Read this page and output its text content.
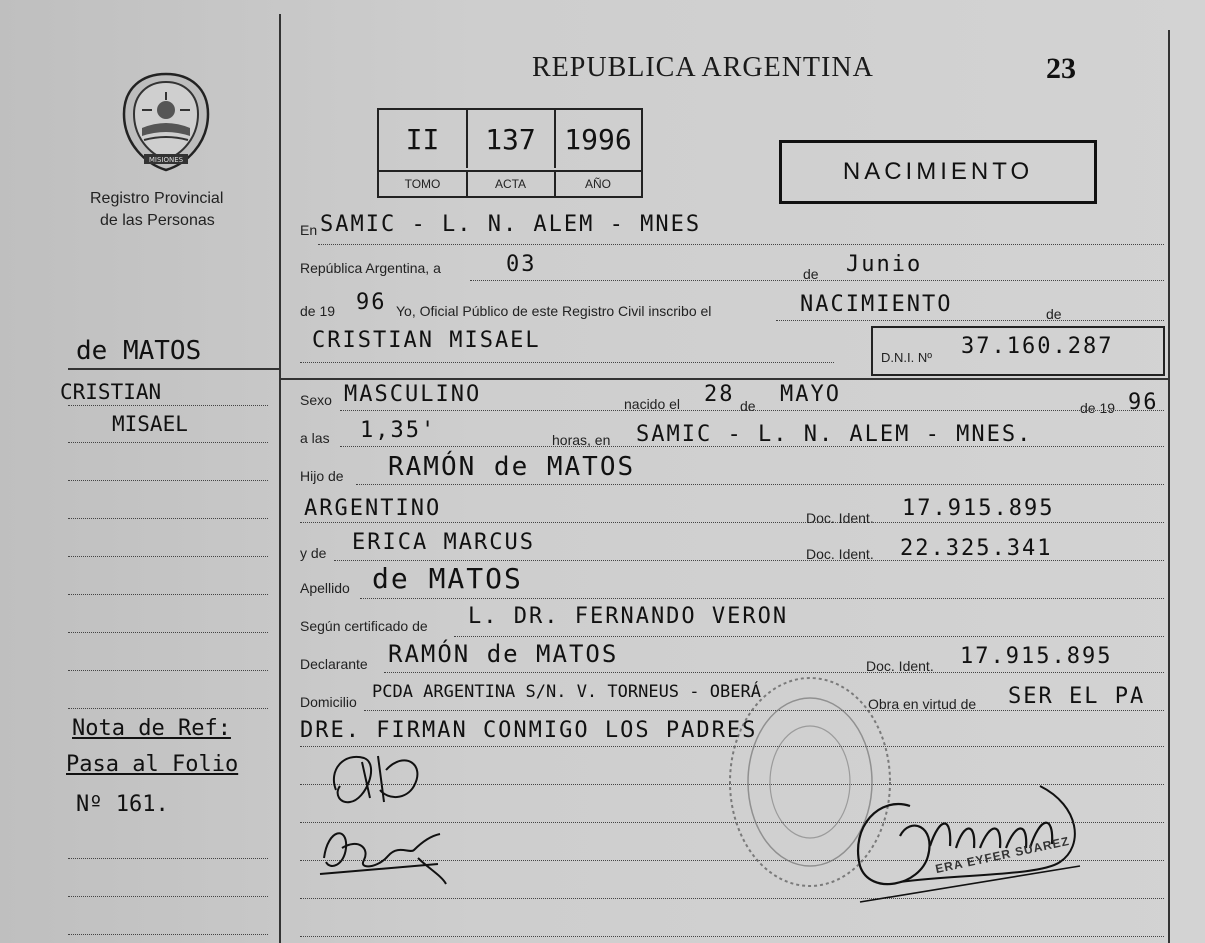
MISIONES
Registro Provincial
de las Personas
REPUBLICA ARGENTINA	23
II	137	1996
TOMO	ACTA	AÑO	NACIMIENTO
de MATOS
CRISTIAN
MISAEL
Nota de Ref:
Pasa al Folio
Nº 161.
En SAMIC - L. N. ALEM - MNES
República Argentina, a	03	de Junio
de 19 96 Yo, Oficial Público de este Registro Civil inscribo el	NACIMIENTO	de
CRISTIAN MISAEL
D.N.I. Nº 37.160.287
Sexo MASCULINO	nacido el 28 de MAYO
de 19 96
a las 1,35'	horas, en SAMIC - L. N. ALEM - MNES.
Hijo de RAMÓN de MATOS
ARGENTINO	Doc. Ident. 17.915.895
y de ERICA MARCUS	Doc. Ident. 22.325.341
Apellido de MATOS
Según certificado de L. DR. FERNANDO VERON
Declarante RAMÓN de MATOS	Doc. Ident. 17.915.895
Domicilio PCDA ARGENTINA S/N. V. TORNEUS - OBERÁ
Obra en virtud de SER EL PA
DRE. FIRMAN CONMIGO LOS PADRES
ERA EYFER SUAREZ
